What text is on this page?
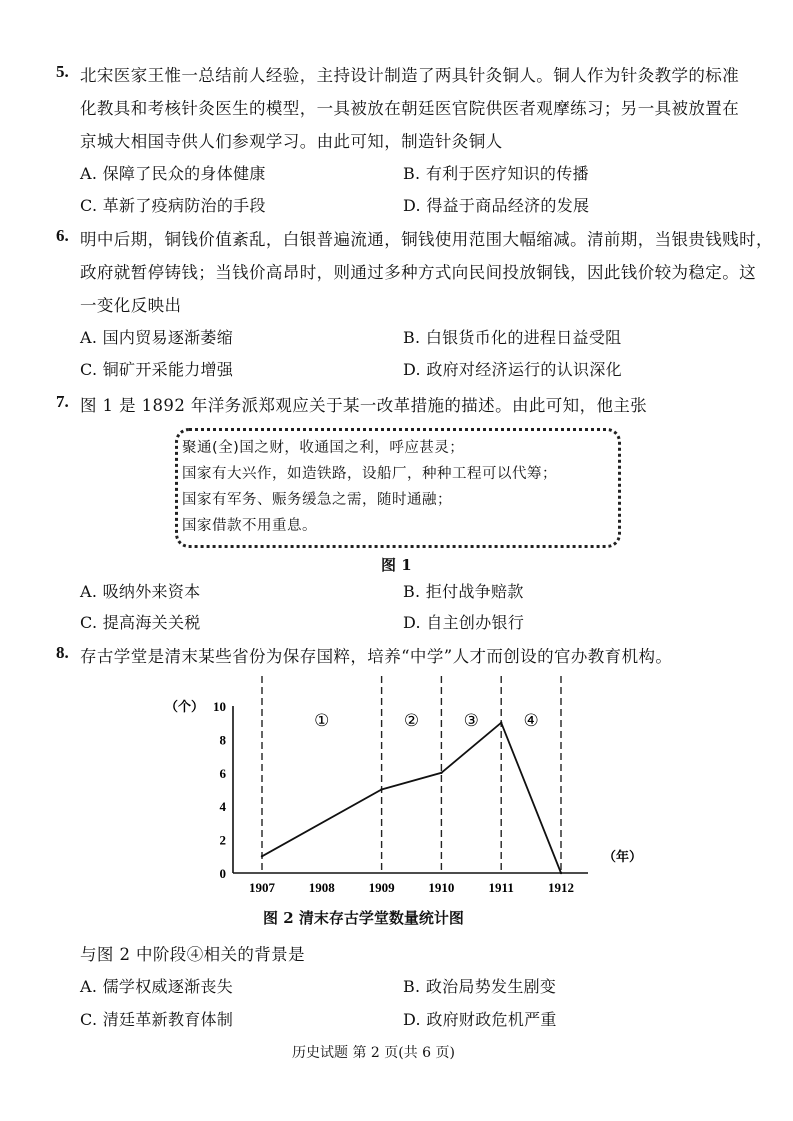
5. 北宋医家王惟一总结前人经验，主持设计制造了两具针灸铜人。铜人作为针灸教学的标准
化教具和考核针灸医生的模型，一具被放在朝廷医官院供医者观摩练习；另一具被放置在
京城大相国寺供人们参观学习。由此可知，制造针灸铜人
A. 保障了民众的身体健康	B. 有利于医疗知识的传播
C. 革新了疫病防治的手段	D. 得益于商品经济的发展
6. 明中后期，铜钱价值紊乱，白银普遍流通，铜钱使用范围大幅缩减。清前期，当银贵钱贱时，
政府就暂停铸钱；当钱价高昂时，则通过多种方式向民间投放铜钱，因此钱价较为稳定。这
一变化反映出
A. 国内贸易逐渐萎缩	B. 白银货币化的进程日益受阻
C. 铜矿开采能力增强	D. 政府对经济运行的认识深化
7. 图 1 是 1892 年洋务派郑观应关于某一改革措施的描述。由此可知，他主张
聚通(全)国之财，收通国之利，呼应甚灵；
国家有大兴作，如造铁路，设船厂，种种工程可以代筹；
国家有军务、赈务缓急之需，随时通融；
国家借款不用重息。
图 1
A. 吸纳外来资本	B. 拒付战争赔款
C. 提高海关关税	D. 自主创办银行
8. 存古学堂是清末某些省份为保存国粹，培养“中学”人才而创设的官办教育机构。
①	②	③	④
0
2
4
6
8
10
（个）
1907	1908	1909	1910	1911	1912
（年）
图 2 清末存古学堂数量统计图
与图 2 中阶段④相关的背景是
A. 儒学权威逐渐丧失	B. 政治局势发生剧变
C. 清廷革新教育体制	D. 政府财政危机严重
历史试题 第 2 页(共 6 页)
